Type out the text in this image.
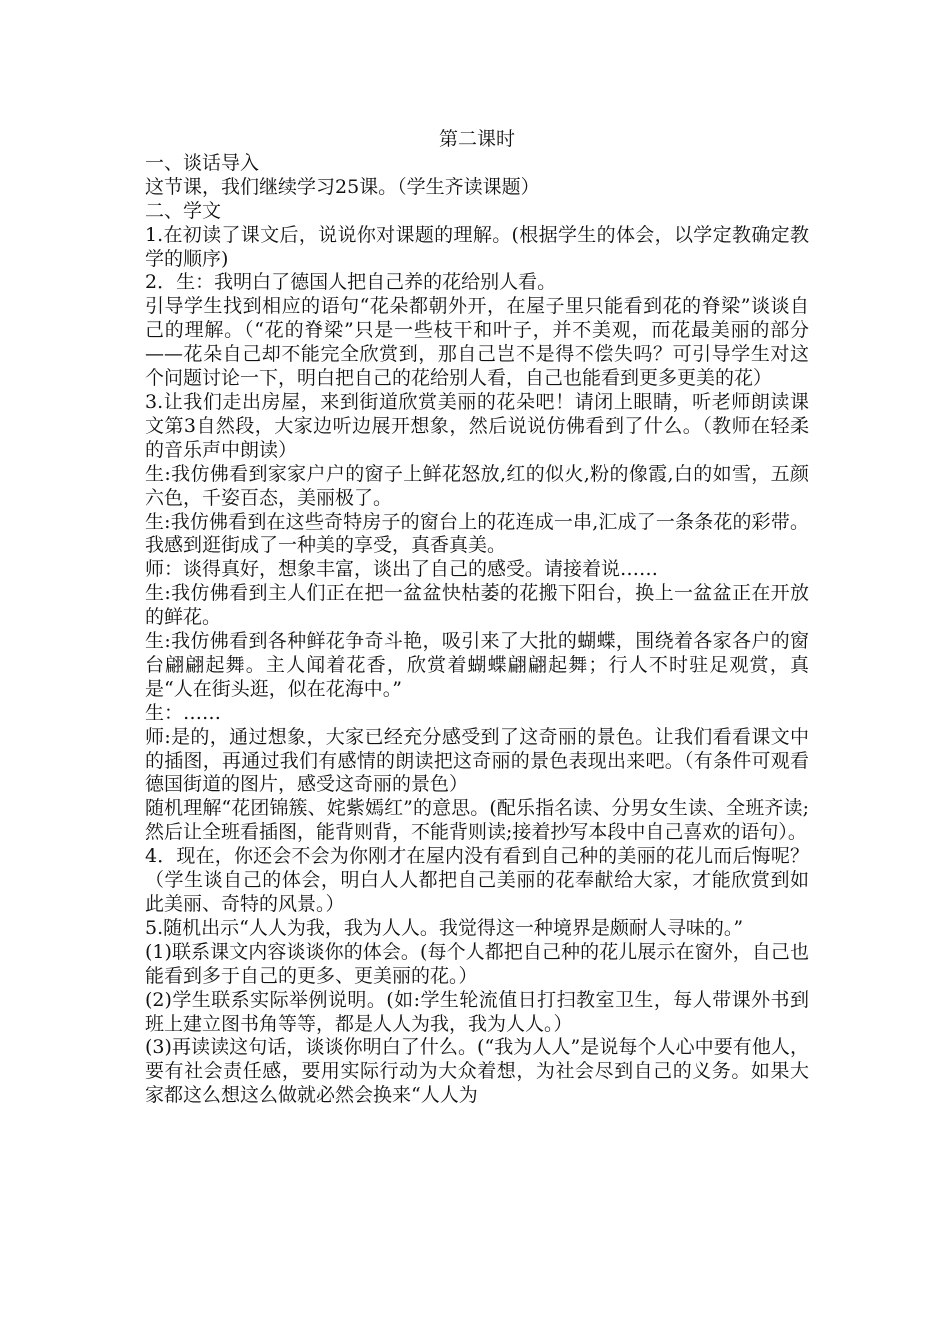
第二课时

一、谈话导入

这节课，我们继续学习25课。（学生齐读课题）

二、学文

1.在初读了课文后，说说你对课题的理解。(根据学生的体会，以学定教确定教学的顺序)

2．生：我明白了德国人把自己养的花给别人看。

引导学生找到相应的语句“花朵都朝外开，在屋子里只能看到花的脊梁”谈谈自己的理解。（“花的脊梁”只是一些枝干和叶子，并不美观，而花最美丽的部分——花朵自己却不能完全欣赏到，那自己岂不是得不偿失吗？可引导学生对这个问题讨论一下，明白把自己的花给别人看，自己也能看到更多更美的花）

3.让我们走出房屋，来到街道欣赏美丽的花朵吧！请闭上眼睛，听老师朗读课文第3自然段，大家边听边展开想象，然后说说仿佛看到了什么。（教师在轻柔的音乐声中朗读）

生:我仿佛看到家家户户的窗子上鲜花怒放,红的似火,粉的像霞,白的如雪，五颜六色，千姿百态，美丽极了。

生:我仿佛看到在这些奇特房子的窗台上的花连成一串,汇成了一条条花的彩带。我感到逛街成了一种美的享受，真香真美。

师：谈得真好，想象丰富，谈出了自己的感受。请接着说……

生:我仿佛看到主人们正在把一盆盆快枯萎的花搬下阳台，换上一盆盆正在开放的鲜花。

生:我仿佛看到各种鲜花争奇斗艳，吸引来了大批的蝴蝶，围绕着各家各户的窗台翩翩起舞。主人闻着花香，欣赏着蝴蝶翩翩起舞；行人不时驻足观赏，真是“人在街头逛，似在花海中。”

生：……

师:是的，通过想象，大家已经充分感受到了这奇丽的景色。让我们看看课文中的插图，再通过我们有感情的朗读把这奇丽的景色表现出来吧。（有条件可观看德国街道的图片，感受这奇丽的景色）

随机理解“花团锦簇、姹紫嫣红”的意思。(配乐指名读、分男女生读、全班齐读;然后让全班看插图，能背则背，不能背则读;接着抄写本段中自己喜欢的语句）。

4．现在，你还会不会为你刚才在屋内没有看到自己种的美丽的花儿而后悔呢？（学生谈自己的体会，明白人人都把自己美丽的花奉献给大家，才能欣赏到如此美丽、奇特的风景。）

5.随机出示“人人为我，我为人人。我觉得这一种境界是颇耐人寻味的。”

(1)联系课文内容谈谈你的体会。(每个人都把自己种的花儿展示在窗外，自己也能看到多于自己的更多、更美丽的花。）

(2)学生联系实际举例说明。(如:学生轮流值日打扫教室卫生，每人带课外书到班上建立图书角等等，都是人人为我，我为人人。）

(3)再读读这句话，谈谈你明白了什么。(“我为人人”是说每个人心中要有他人，要有社会责任感，要用实际行动为大众着想，为社会尽到自己的义务。如果大家都这么想这么做就必然会换来“人人为
